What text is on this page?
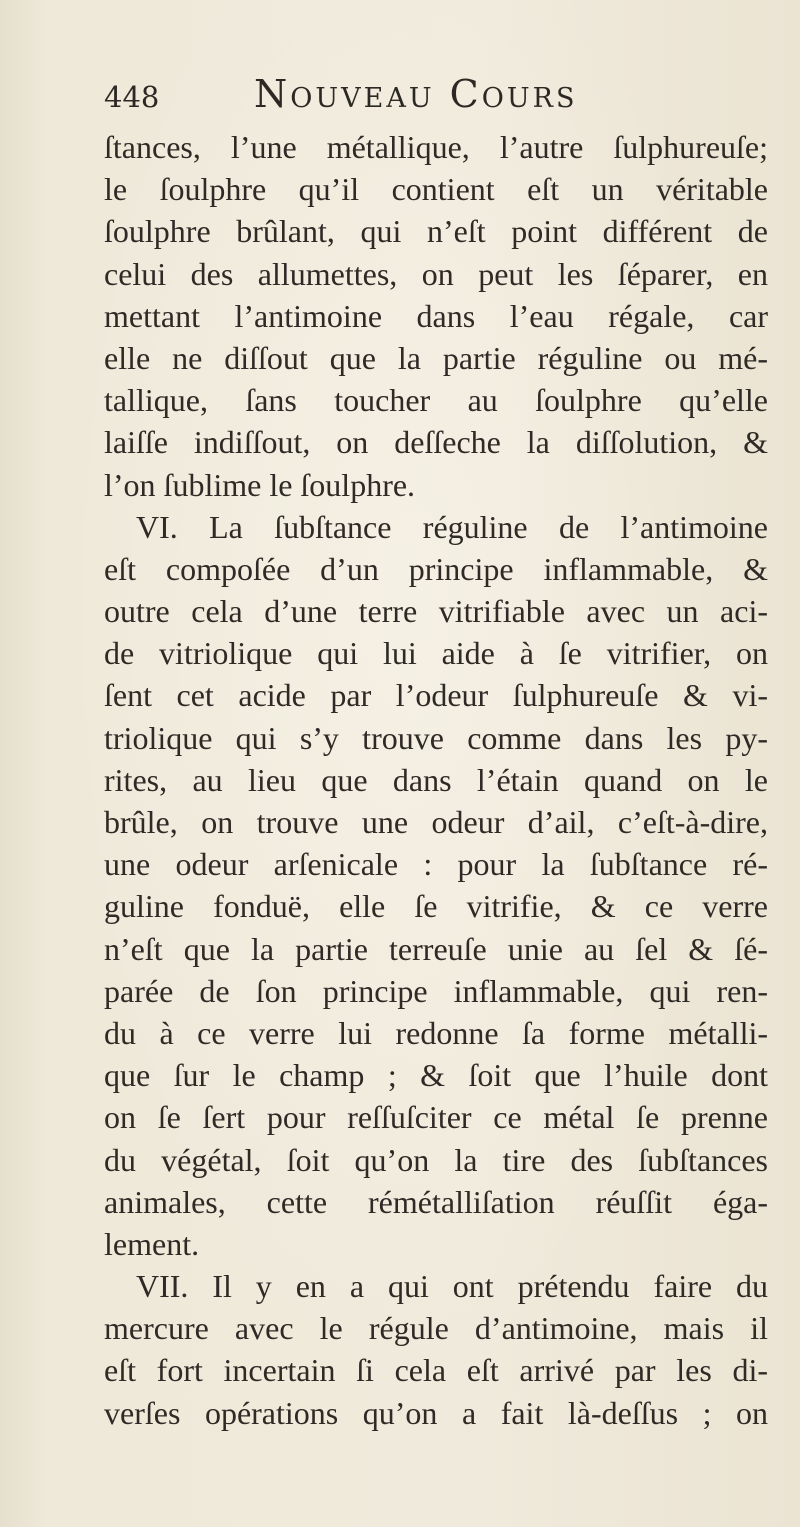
448 Nouveau Cours
ſtances, l’une métallique, l’autre ſulphureuſe;
le ſoulphre qu’il contient eſt un véritable
ſoulphre brûlant, qui n’eſt point différent de
celui des allumettes, on peut les ſéparer, en
mettant l’antimoine dans l’eau régale, car
elle ne diſſout que la partie réguline ou mé-
tallique, ſans toucher au ſoulphre qu’elle
laiſſe indiſſout, on deſſeche la diſſolution, &
l’on ſublime le ſoulphre.
VI. La ſubſtance réguline de l’antimoine
eſt compoſée d’un principe inflammable, &
outre cela d’une terre vitrifiable avec un aci-
de vitriolique qui lui aide à ſe vitrifier, on
ſent cet acide par l’odeur ſulphureuſe & vi-
triolique qui s’y trouve comme dans les py-
rites, au lieu que dans l’étain quand on le
brûle, on trouve une odeur d’ail, c’eſt-à-dire,
une odeur arſenicale : pour la ſubſtance ré-
guline fonduë, elle ſe vitrifie, & ce verre
n’eſt que la partie terreuſe unie au ſel & ſé-
parée de ſon principe inflammable, qui ren-
du à ce verre lui redonne ſa forme métalli-
que ſur le champ ; & ſoit que l’huile dont
on ſe ſert pour reſſuſciter ce métal ſe prenne
du végétal, ſoit qu’on la tire des ſubſtances
animales, cette rémétalliſation réuſſit éga-
lement.
VII. Il y en a qui ont prétendu faire du
mercure avec le régule d’antimoine, mais il
eſt fort incertain ſi cela eſt arrivé par les di-
verſes opérations qu’on a fait là-deſſus ; on
